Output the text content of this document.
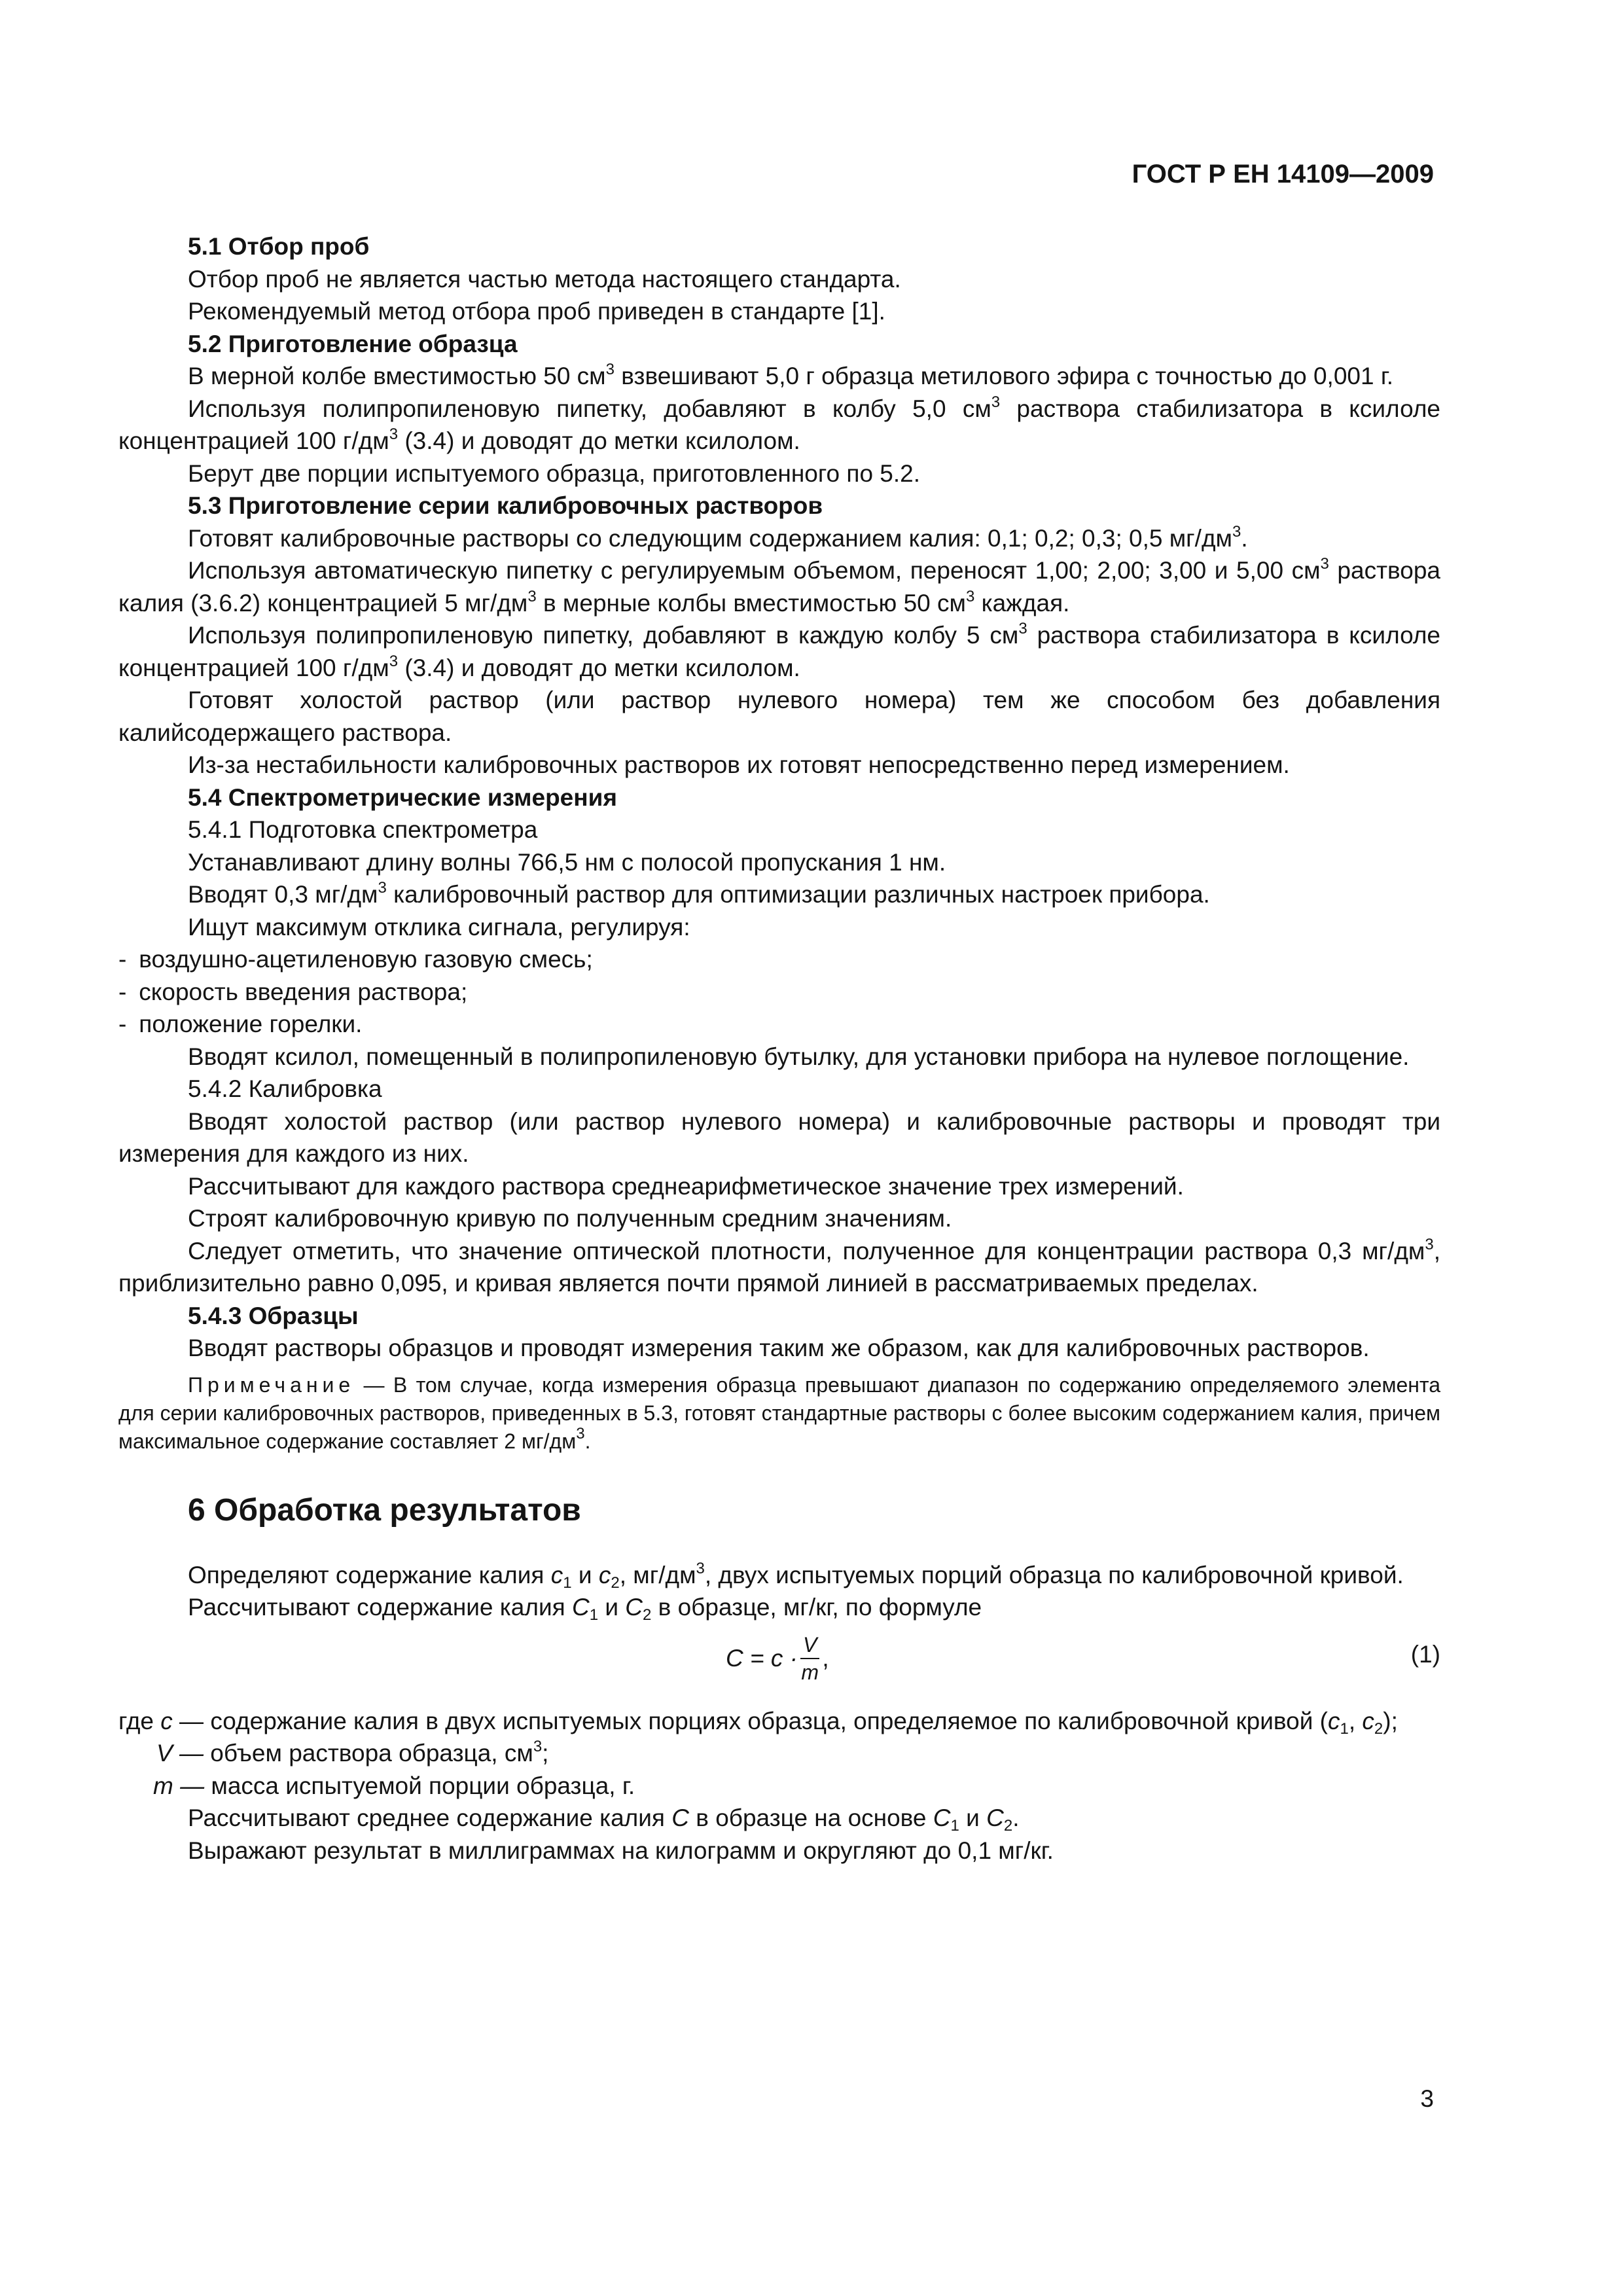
ГОСТ Р ЕН 14109—2009

5.1 Отбор проб

Отбор проб не является частью метода настоящего стандарта.

Рекомендуемый метод отбора проб приведен в стандарте [1].

5.2 Приготовление образца

В мерной колбе вместимостью 50 $см^3$ взвешивают 5,0 г образца метилового эфира с точностью до 0,001 г.

Используя полипропиленовую пипетку, добавляют в колбу 5,0 $см^3$ раствора стабилизатора в ксилоле концентрацией 100 $г/дм^3$ (3.4) и доводят до метки ксилолом.

Берут две порции испытуемого образца, приготовленного по 5.2.

5.3 Приготовление серии калибровочных растворов

Готовят калибровочные растворы со следующим содержанием калия: 0,1; 0,2; 0,3; 0,5 $мг/дм^3$.

Используя автоматическую пипетку с регулируемым объемом, переносят 1,00; 2,00; 3,00 и 5,00 $см^3$ раствора калия (3.6.2) концентрацией 5 $мг/дм^3$ в мерные колбы вместимостью 50 $см^3$ каждая.

Используя полипропиленовую пипетку, добавляют в каждую колбу 5 $см^3$ раствора стабилизатора в ксилоле концентрацией 100 $г/дм^3$ (3.4) и доводят до метки ксилолом.

Готовят холостой раствор (или раствор нулевого номера) тем же способом без добавления калийсодержащего раствора.

Из-за нестабильности калибровочных растворов их готовят непосредственно перед измерением.

5.4 Спектрометрические измерения

5.4.1 Подготовка спектрометра

Устанавливают длину волны 766,5 нм с полосой пропускания 1 нм.

Вводят 0,3 $мг/дм^3$ калибровочный раствор для оптимизации различных настроек прибора.

Ищут максимум отклика сигнала, регулируя:

- воздушно-ацетиленовую газовую смесь;

- скорость введения раствора;

- положение горелки.

Вводят ксилол, помещенный в полипропиленовую бутылку, для установки прибора на нулевое поглощение.

5.4.2 Калибровка

Вводят холостой раствор (или раствор нулевого номера) и калибровочные растворы и проводят три измерения для каждого из них.

Рассчитывают для каждого раствора среднеарифметическое значение трех измерений.

Строят калибровочную кривую по полученным средним значениям.

Следует отметить, что значение оптической плотности, полученное для концентрации раствора 0,3 $мг/дм^3$, приблизительно равно 0,095, и кривая является почти прямой линией в рассматриваемых пределах.

5.4.3 Образцы

Вводят растворы образцов и проводят измерения таким же образом, как для калибровочных растворов.

Примечание — В том случае, когда измерения образца превышают диапазон по содержанию определяемого элемента для серии калибровочных растворов, приведенных в 5.3, готовят стандартные растворы с более высоким содержанием калия, причем максимальное содержание составляет 2 $мг/дм^3$.

6 Обработка результатов

Определяют содержание калия $c_1$ и $c_2$, $мг/дм^3$, двух испытуемых порций образца по калибровочной кривой.

Рассчитывают содержание калия $C_1$ и $C_2$ в образце, мг/кг, по формуле

$C = c \cdot \frac{V}{m}$ ,	(1)

где c — содержание калия в двух испытуемых порциях образца, определяемое по калибровочной кривой ($c_1$, $c_2$);

V — объем раствора образца, $см^3$;

m — масса испытуемой порции образца, г.

Рассчитывают среднее содержание калия C в образце на основе $C_1$ и $C_2$.

Выражают результат в миллиграммах на килограмм и округляют до 0,1 мг/кг.

3
